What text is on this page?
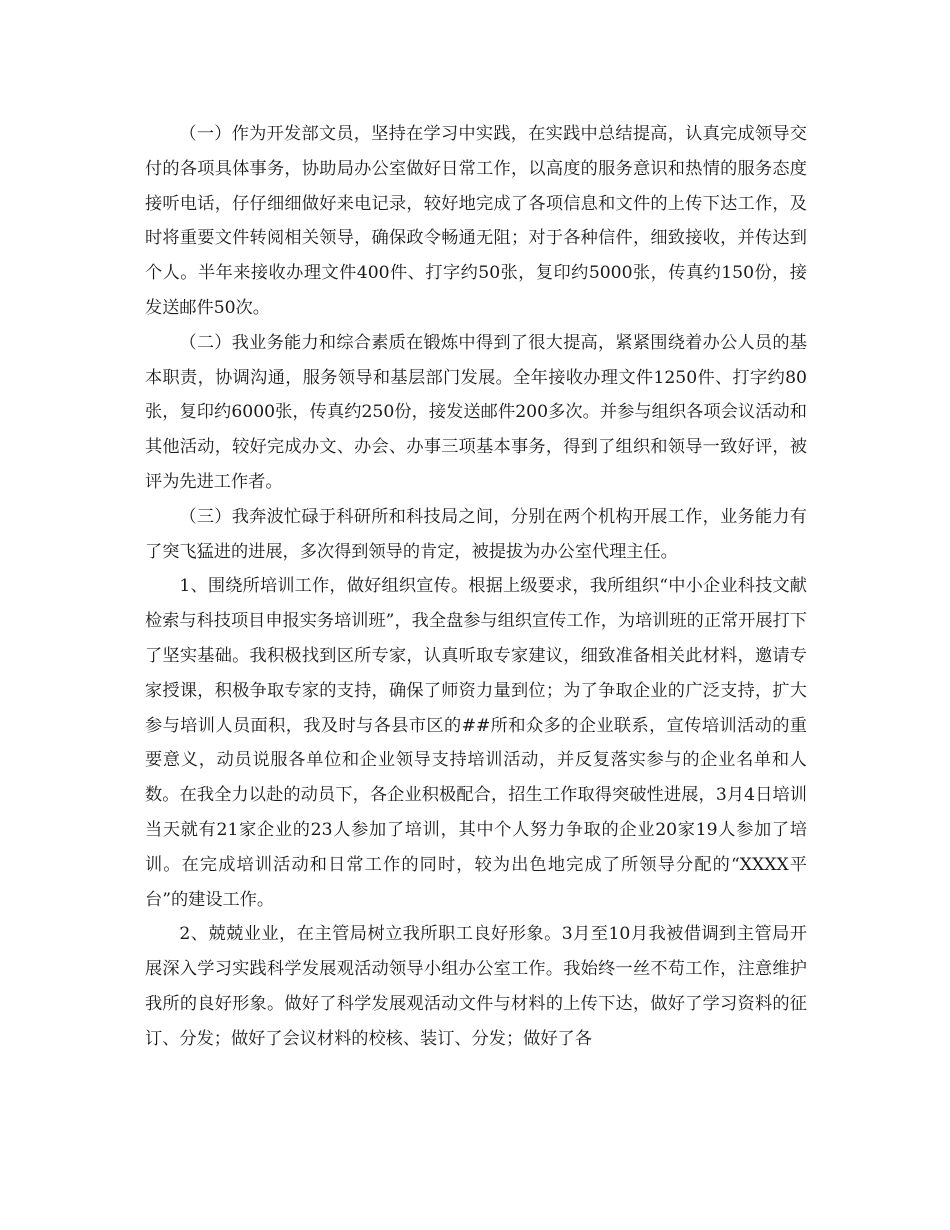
（一）作为开发部文员，坚持在学习中实践，在实践中总结提高，认真完成领导交付的各项具体事务，协助局办公室做好日常工作，以高度的服务意识和热情的服务态度接听电话，仔仔细细做好来电记录，较好地完成了各项信息和文件的上传下达工作，及时将重要文件转阅相关领导，确保政令畅通无阻；对于各种信件，细致接收，并传达到个人。半年来接收办理文件400件、打字约50张，复印约5000张，传真约150份，接发送邮件50次。

（二）我业务能力和综合素质在锻炼中得到了很大提高，紧紧围绕着办公人员的基本职责，协调沟通，服务领导和基层部门发展。全年接收办理文件1250件、打字约80张，复印约6000张，传真约250份，接发送邮件200多次。并参与组织各项会议活动和其他活动，较好完成办文、办会、办事三项基本事务，得到了组织和领导一致好评，被评为先进工作者。

（三）我奔波忙碌于科研所和科技局之间，分别在两个机构开展工作，业务能力有了突飞猛进的进展，多次得到领导的肯定，被提拔为办公室代理主任。

1、围绕所培训工作，做好组织宣传。根据上级要求，我所组织“中小企业科技文献检索与科技项目申报实务培训班”，我全盘参与组织宣传工作，为培训班的正常开展打下了坚实基础。我积极找到区所专家，认真听取专家建议，细致准备相关此材料，邀请专家授课，积极争取专家的支持，确保了师资力量到位；为了争取企业的广泛支持，扩大参与培训人员面积，我及时与各县市区的##所和众多的企业联系，宣传培训活动的重要意义，动员说服各单位和企业领导支持培训活动，并反复落实参与的企业名单和人数。在我全力以赴的动员下，各企业积极配合，招生工作取得突破性进展，3月4日培训当天就有21家企业的23人参加了培训，其中个人努力争取的企业20家19人参加了培训。在完成培训活动和日常工作的同时，较为出色地完成了所领导分配的“XXXX平台”的建设工作。

2、兢兢业业，在主管局树立我所职工良好形象。3月至10月我被借调到主管局开展深入学习实践科学发展观活动领导小组办公室工作。我始终一丝不苟工作，注意维护我所的良好形象。做好了科学发展观活动文件与材料的上传下达，做好了学习资料的征订、分发；做好了会议材料的校核、装订、分发；做好了各
